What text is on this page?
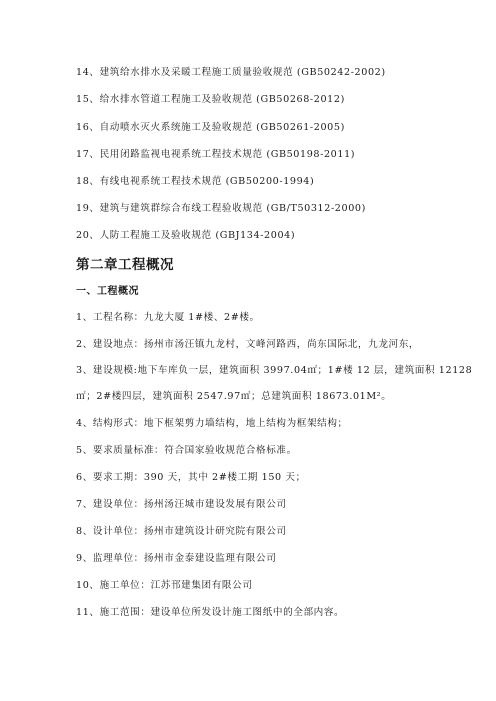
14、建筑给水排水及采暖工程施工质量验收规范 (GB50242-2002)
15、给水排水管道工程施工及验收规范 (GB50268-2012)
16、自动喷水灭火系统施工及验收规范 (GB50261-2005)
17、民用闭路监视电视系统工程技术规范 (GB50198-2011)
18、有线电视系统工程技术规范 (GB50200-1994)
19、建筑与建筑群综合布线工程验收规范 (GB/T50312-2000)
20、人防工程施工及验收规范 (GBJ134-2004)
第二章工程概况
一、工程概况
1、工程名称：九龙大厦 1#楼、2#楼。
2、建设地点：扬州市汤汪镇九龙村，文峰河路西，尚东国际北，九龙河东，
3、建设规模:地下车库负一层，建筑面积 3997.04㎡；1#楼 12 层，建筑面积 12128
㎡；2#楼四层，建筑面积 2547.97㎡；总建筑面积 18673.01M²。
4、结构形式：地下框架剪力墙结构，地上结构为框架结构；
5、要求质量标准：符合国家验收规范合格标准。
6、要求工期：390 天，其中 2#楼工期 150 天；
7、建设单位：扬州汤汪城市建设发展有限公司
8、设计单位：扬州市建筑设计研究院有限公司
9、监理单位：扬州市金泰建设监理有限公司
10、施工单位：江苏邗建集团有限公司
11、施工范围：建设单位所发设计施工图纸中的全部内容。
